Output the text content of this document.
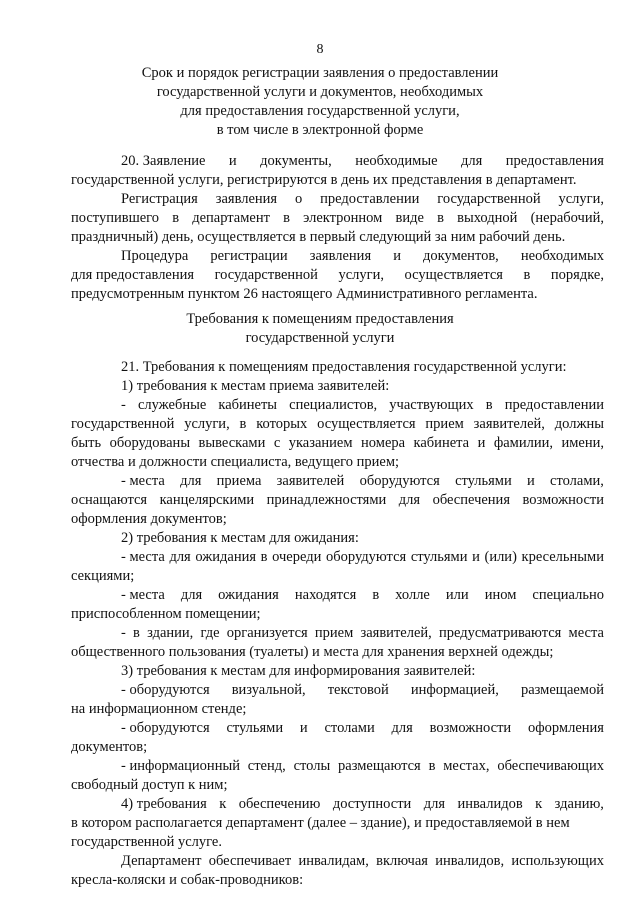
8
Срок и порядок регистрации заявления о предоставлении
государственной услуги и документов, необходимых
для предоставления государственной услуги,
в том числе в электронной форме
20. Заявление и документы, необходимые для предоставления
государственной услуги, регистрируются в день их представления в департамент.
Регистрация заявления о предоставлении государственной услуги,
поступившего в департамент в электронном виде в выходной (нерабочий,
праздничный) день, осуществляется в первый следующий за ним рабочий день.
Процедура регистрации заявления и документов, необходимых
для предоставления государственной услуги, осуществляется в порядке,
предусмотренным пунктом 26 настоящего Административного регламента.
Требования к помещениям предоставления
государственной услуги
21. Требования к помещениям предоставления государственной услуги:
1) требования к местам приема заявителей:
- служебные кабинеты специалистов, участвующих в предоставлении
государственной услуги, в которых осуществляется прием заявителей, должны
быть оборудованы вывесками с указанием номера кабинета и фамилии, имени,
отчества и должности специалиста, ведущего прием;
- места для приема заявителей оборудуются стульями и столами,
оснащаются канцелярскими принадлежностями для обеспечения возможности
оформления документов;
2) требования к местам для ожидания:
- места для ожидания в очереди оборудуются стульями и (или) кресельными
секциями;
- места для ожидания находятся в холле или ином специально
приспособленном помещении;
- в здании, где организуется прием заявителей, предусматриваются места
общественного пользования (туалеты) и места для хранения верхней одежды;
3) требования к местам для информирования заявителей:
- оборудуются визуальной, текстовой информацией, размещаемой
на информационном стенде;
- оборудуются стульями и столами для возможности оформления
документов;
- информационный стенд, столы размещаются в местах, обеспечивающих
свободный доступ к ним;
4) требования к обеспечению доступности для инвалидов к зданию,
в котором располагается департамент (далее – здание), и предоставляемой в нем
государственной услуге.
Департамент обеспечивает инвалидам, включая инвалидов, использующих
кресла-коляски и собак-проводников:
